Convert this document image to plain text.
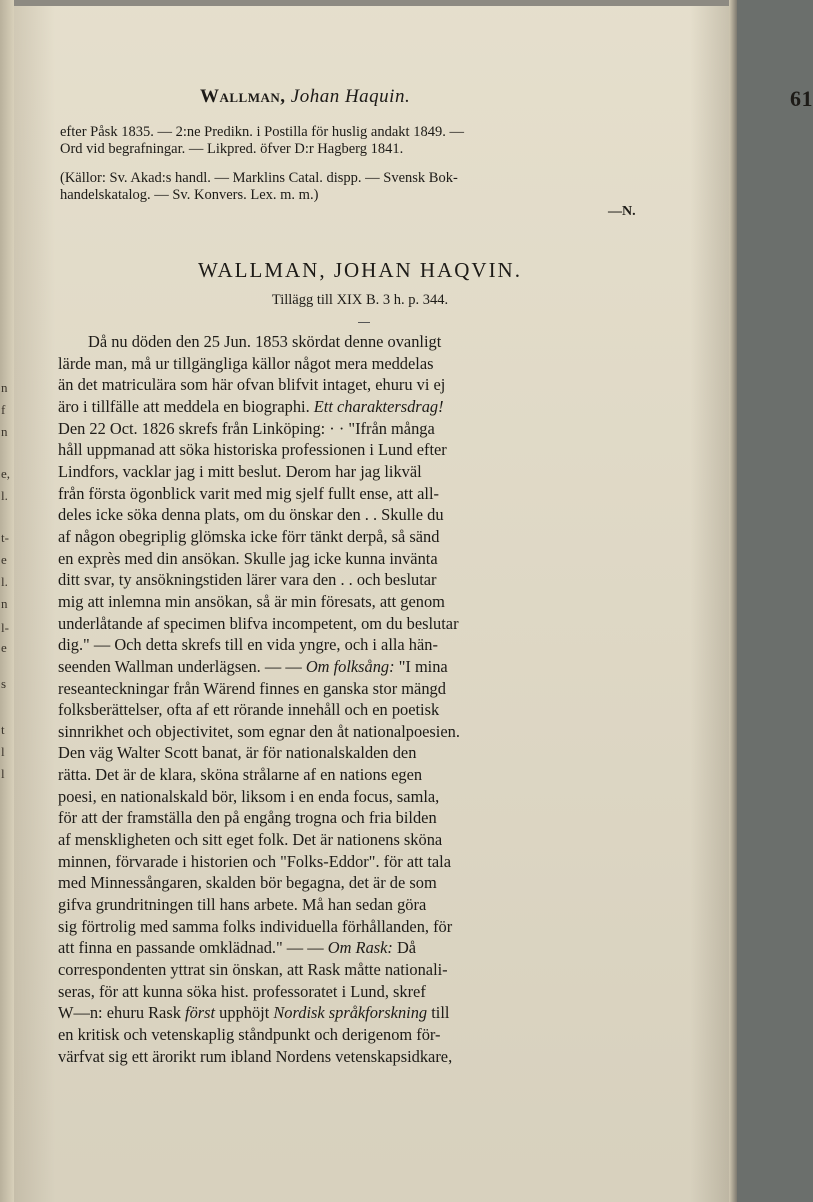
n
f
n
e,
l.
t-
e
l.
n
l-
e
s
t
l
l
Wallman, Johan Haquin.	61
efter Påsk 1835. — 2:ne Predikn. i Postilla för huslig andakt 1849. —
Ord vid begrafningar. — Likpred. öfver D:r Hagberg 1841.
(Källor: Sv. Akad:s handl. — Marklins Catal. dispp. — Svensk Bok-
handelskatalog. — Sv. Konvers. Lex. m. m.)
—N.
WALLMAN, JOHAN HAQVIN.
Tillägg till XIX B. 3 h. p. 344.
Då nu döden den 25 Jun. 1853 skördat denne ovanligt
lärde man, må ur tillgängliga källor något mera meddelas
än det matriculära som här ofvan blifvit intaget, ehuru vi ej
äro i tillfälle att meddela en biographi. Ett charaktersdrag!
Den 22 Oct. 1826 skrefs från Linköping: · · "Ifrån många
håll uppmanad att söka historiska professionen i Lund efter
Lindfors, vacklar jag i mitt beslut. Derom har jag likväl
från första ögonblick varit med mig sjelf fullt ense, att all-
deles icke söka denna plats, om du önskar den . . Skulle du
af någon obegriplig glömska icke förr tänkt derpå, så sänd
en exprès med din ansökan. Skulle jag icke kunna invänta
ditt svar, ty ansökningstiden lärer vara den . . och beslutar
mig att inlemna min ansökan, så är min föresats, att genom
underlåtande af specimen blifva incompetent, om du beslutar
dig." — Och detta skrefs till en vida yngre, och i alla hän-
seenden Wallman underlägsen. — — Om folksång: "I mina
reseanteckningar från Wärend finnes en ganska stor mängd
folksberättelser, ofta af ett rörande innehåll och en poetisk
sinnrikhet och objectivitet, som egnar den åt nationalpoesien.
Den väg Walter Scott banat, är för nationalskalden den
rätta. Det är de klara, sköna strålarne af en nations egen
poesi, en nationalskald bör, liksom i en enda focus, samla,
för att der framställa den på engång trogna och fria bilden
af menskligheten och sitt eget folk. Det är nationens sköna
minnen, förvarade i historien och "Folks-Eddor". för att tala
med Minnessångaren, skalden bör begagna, det är de som
gifva grundritningen till hans arbete. Må han sedan göra
sig förtrolig med samma folks individuella förhållanden, för
att finna en passande omklädnad." — — Om Rask: Då
correspondenten yttrat sin önskan, att Rask måtte nationali-
seras, för att kunna söka hist. professoratet i Lund, skref
W—n: ehuru Rask först upphöjt Nordisk språkforskning till
en kritisk och vetenskaplig ståndpunkt och derigenom för-
värfvat sig ett ärorikt rum ibland Nordens vetenskapsidkare,
